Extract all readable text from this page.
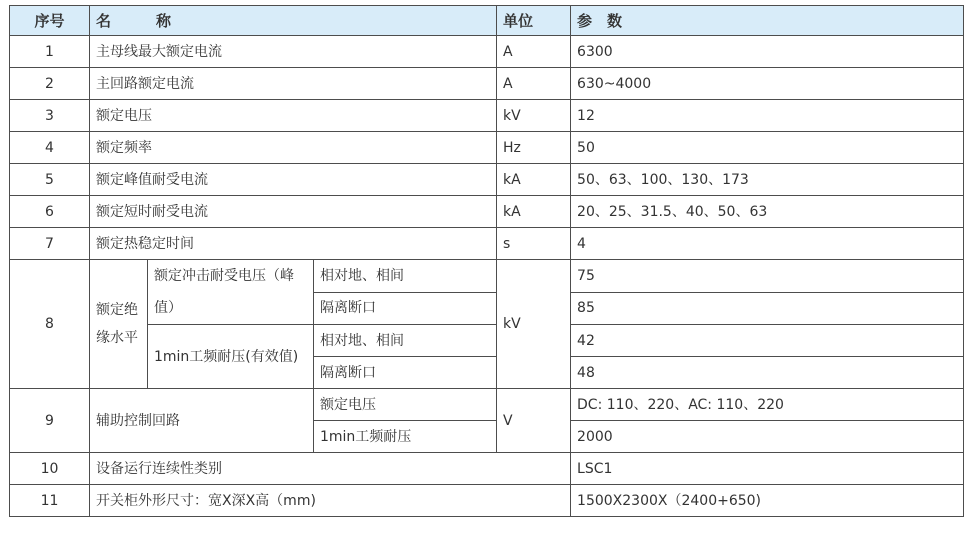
序号	名　　　称			单位	参　数
1	主母线最大额定电流			A	6300
2	主回路额定电流			A	630~4000
3	额定电压			kV	12
4	额定频率			Hz	50
5	额定峰值耐受电流			kA	50、63、100、130、173
6	额定短时耐受电流			kA	20、25、31.5、40、50、63
7	额定热稳定时间			s	4
8	额定绝缘水平	额定冲击耐受电压（峰值）	相对地、相间	kV	75
			隔离断口		85
		1min工频耐压(有效值)	相对地、相间		42
			隔离断口		48
9	辅助控制回路		额定电压	V	DC: 110、220、AC: 110、220
			1min工频耐压		2000
10	设备运行连续性类别				LSC1
11	开关柜外形尺寸：宽X深X高（mm)				1500X2300X（2400+650)
